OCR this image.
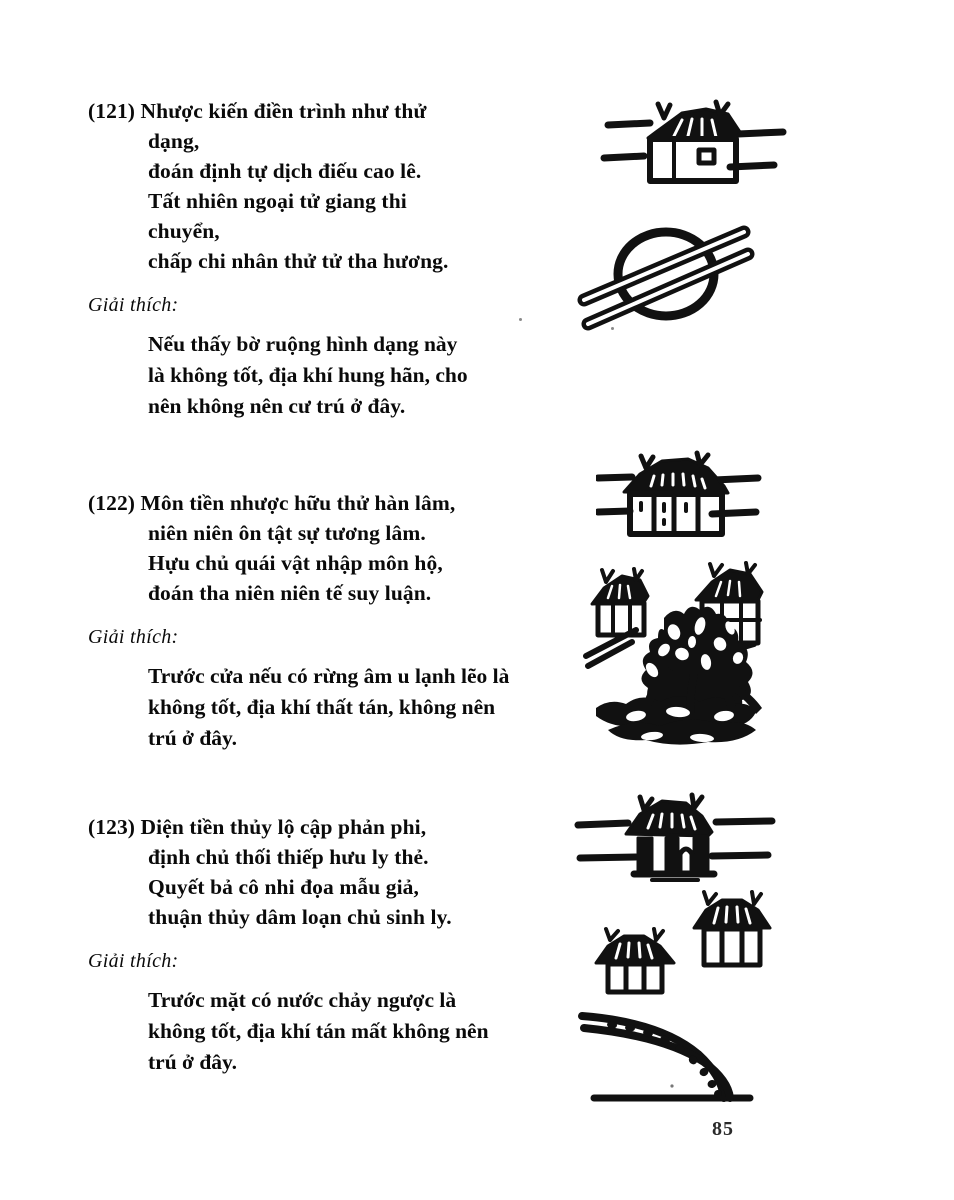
(121) Nhược kiến điền trình như thử
dạng,
đoán định tự dịch điếu cao lê.
Tất nhiên ngoại tử giang thi
chuyển,
chấp chi nhân thử tử tha hương.
Giải thích:
Nếu thấy bờ ruộng hình dạng này
là không tốt, địa khí hung hãn, cho
nên không nên cư trú ở đây.
(122) Môn tiền nhược hữu thử hàn lâm,
niên niên ôn tật sự tương lâm.
Hựu chủ quái vật nhập môn hộ,
đoán tha niên niên tế suy luận.
Giải thích:
Trước cửa nếu có rừng âm u lạnh lẽo là
không tốt, địa khí thất tán, không nên
trú ở đây.
(123) Diện tiền thủy lộ cập phản phi,
định chủ thối thiếp hưu ly thẻ.
Quyết bả cô nhi đọa mẫu giả,
thuận thủy dâm loạn chủ sinh ly.
Giải thích:
Trước mặt có nước chảy ngược là
không tốt, địa khí tán mất không nên
trú ở đây.
85
